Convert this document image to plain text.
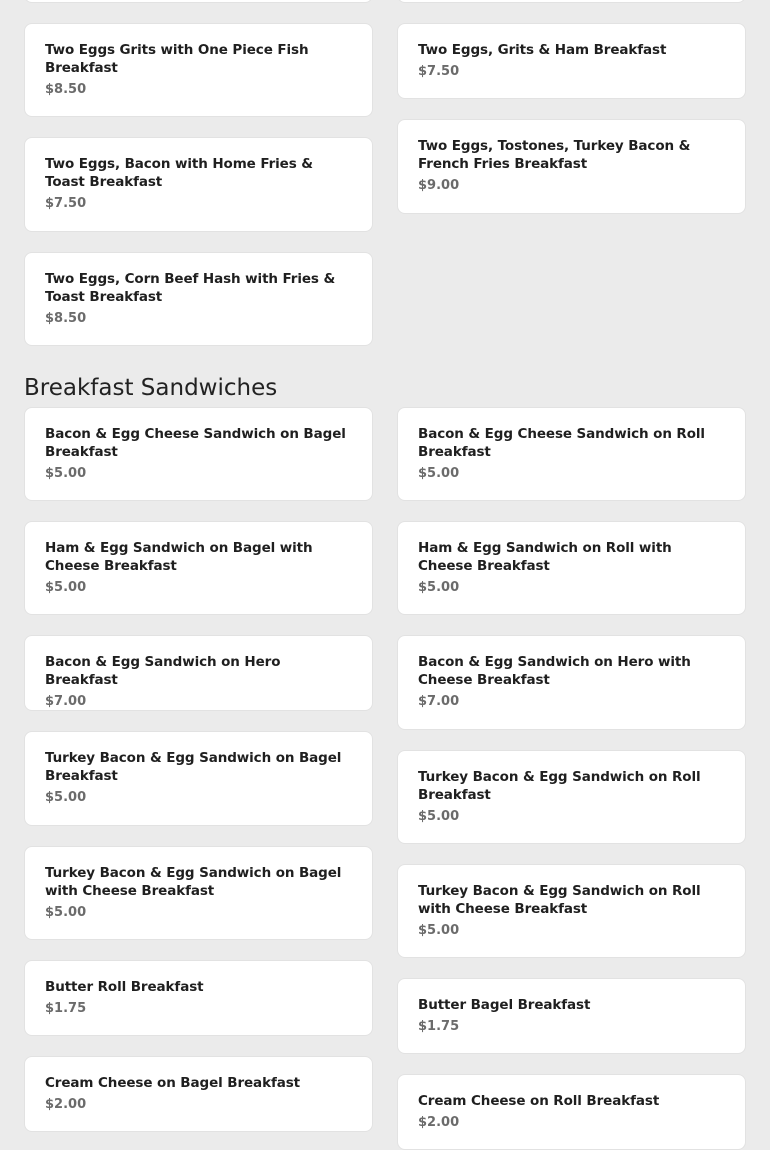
Two Eggs Grits with One Piece Fish Breakfast
$8.50
Two Eggs, Grits & Ham Breakfast
$7.50
Two Eggs, Bacon with Home Fries & Toast Breakfast
$7.50
Two Eggs, Tostones, Turkey Bacon & French Fries Breakfast
$9.00
Two Eggs, Corn Beef Hash with Fries & Toast Breakfast
$8.50
Breakfast Sandwiches
Bacon & Egg Cheese Sandwich on Bagel Breakfast
$5.00
Bacon & Egg Cheese Sandwich on Roll Breakfast
$5.00
Ham & Egg Sandwich on Bagel with Cheese Breakfast
$5.00
Ham & Egg Sandwich on Roll with Cheese Breakfast
$5.00
Bacon & Egg Sandwich on Hero Breakfast
$7.00
Bacon & Egg Sandwich on Hero with Cheese Breakfast
$7.00
Turkey Bacon & Egg Sandwich on Bagel Breakfast
$5.00
Turkey Bacon & Egg Sandwich on Roll Breakfast
$5.00
Turkey Bacon & Egg Sandwich on Bagel with Cheese Breakfast
$5.00
Turkey Bacon & Egg Sandwich on Roll with Cheese Breakfast
$5.00
Butter Roll Breakfast
$1.75	Butter Bagel Breakfast
$1.75
Cream Cheese on Bagel Breakfast
$2.00	Cream Cheese on Roll Breakfast
$2.00
